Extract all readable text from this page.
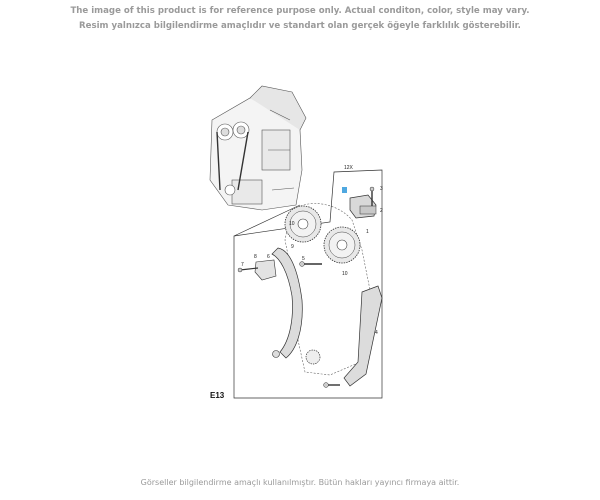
The image of this product is for reference purpose only. Actual conditon, color, style may vary.
Resim yalnızca bilgilendirme amaçlıdır ve standart olan gerçek öğeyle farklılık gösterebilir.
12X
3
2
1
10
9
10
8 6
7
5
4
E13
Görseller bilgilendirme amaçlı kullanılmıştır. Bütün hakları yayıncı firmaya aittir.
